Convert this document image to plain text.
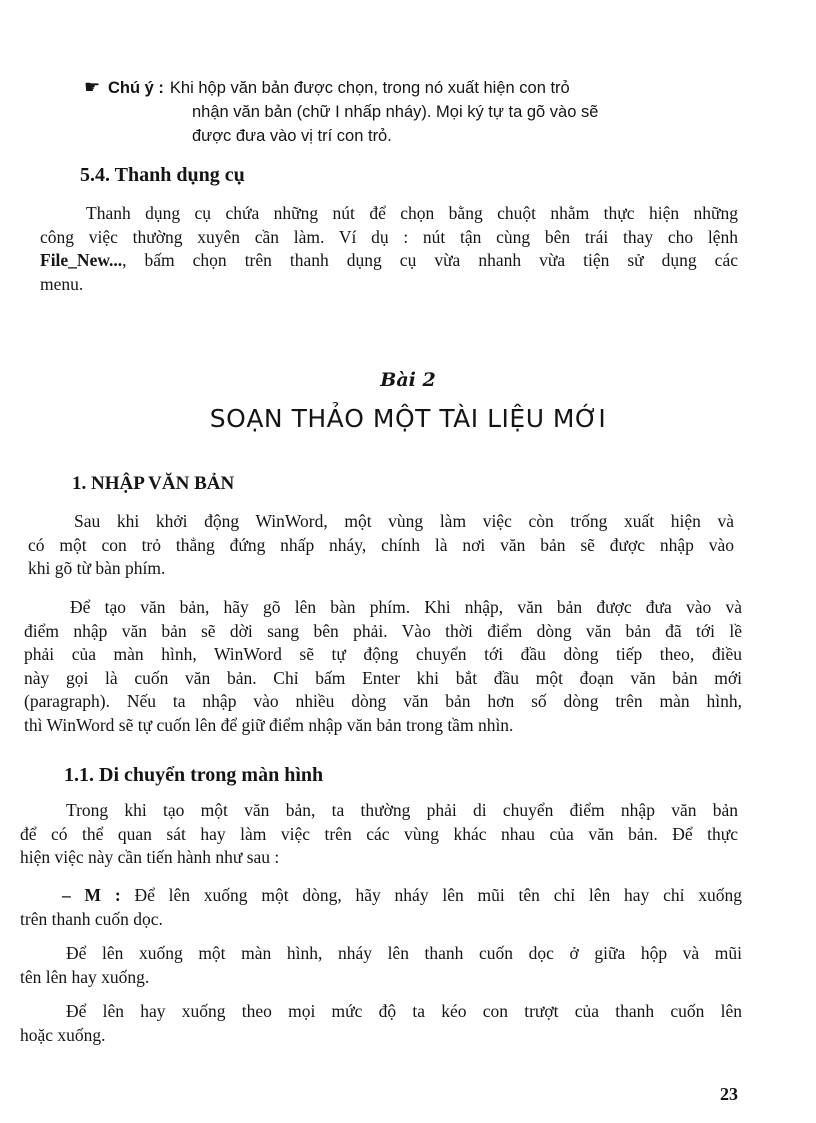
☛ Chú ý : Khi hộp văn bản được chọn, trong nó xuất hiện con trỏ
nhận văn bản (chữ I nhấp nháy). Mọi ký tự ta gõ vào sẽ
được đưa vào vị trí con trỏ.
5.4. Thanh dụng cụ
Thanh dụng cụ chứa những nút để chọn bằng chuột nhằm thực hiện những
công việc thường xuyên cần làm. Ví dụ : nút tận cùng bên trái thay cho lệnh
File_New..., bấm chọn trên thanh dụng cụ vừa nhanh vừa tiện sử dụng các
menu.
Bài 2
SOẠN THẢO MỘT TÀI LIỆU MỚI
1. NHẬP VĂN BẢN
Sau khi khởi động WinWord, một vùng làm việc còn trống xuất hiện và
có một con trỏ thẳng đứng nhấp nháy, chính là nơi văn bản sẽ được nhập vào
khi gõ từ bàn phím.
Để tạo văn bản, hãy gõ lên bàn phím. Khi nhập, văn bản được đưa vào và
điểm nhập văn bản sẽ dời sang bên phải. Vào thời điểm dòng văn bản đã tới lề
phải của màn hình, WinWord sẽ tự động chuyển tới đầu dòng tiếp theo, điều
này gọi là cuốn văn bản. Chỉ bấm Enter khi bắt đầu một đoạn văn bản mới
(paragraph). Nếu ta nhập vào nhiều dòng văn bản hơn số dòng trên màn hình,
thì WinWord sẽ tự cuốn lên để giữ điểm nhập văn bản trong tầm nhìn.
1.1. Di chuyển trong màn hình
Trong khi tạo một văn bản, ta thường phải di chuyển điểm nhập văn bản
để có thể quan sát hay làm việc trên các vùng khác nhau của văn bản. Để thực
hiện việc này cần tiến hành như sau :
– M : Để lên xuống một dòng, hãy nháy lên mũi tên chỉ lên hay chỉ xuống
trên thanh cuốn dọc.
Để lên xuống một màn hình, nháy lên thanh cuốn dọc ở giữa hộp và mũi
tên lên hay xuống.
Để lên hay xuống theo mọi mức độ ta kéo con trượt của thanh cuốn lên
hoặc xuống.
23
